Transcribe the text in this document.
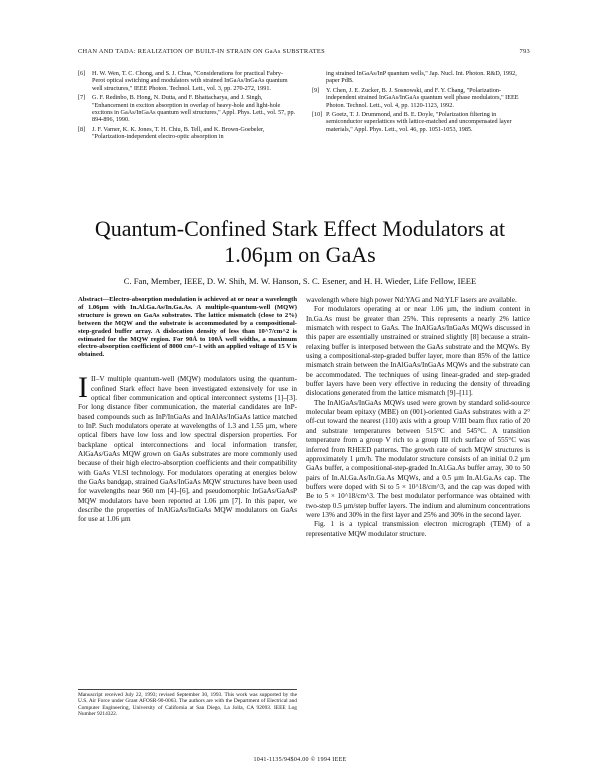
CHAN AND TADA: REALIZATION OF BUILT-IN STRAIN ON GaAs SUBSTRATES	793
[6] H. W. Wen, T. C. Chong, and S. J. Chua, "Considerations for practical Fabry-Perot optical switching and modulators with strained InGaAs/InGaAs quantum well structures," IEEE Photon. Technol. Lett., vol. 3, pp. 270-272, 1991.
[7] G. F. Redinbo, B. Hong, N. Dutta, and F. Bhattacharya, and J. Singh, "Enhancement in exciton absorption in overlap of heavy-hole and light-hole excitons in GaAs/InGaAs quantum well structures," Appl. Phys. Lett., vol. 57, pp. 894-896, 1990.
[8] J. F. Varner, K. K. Jones, T. H. Chiu, B. Tell, and K. Brown-Goebeler, "Polarization-independent electro-optic absorption in
ing strained InGaAs/InP quantum wells," Jap. Nucl. Int. Photon. R&D, 1992, paper PdB.
[9] Y. Chen, J. E. Zucker, B. J. Sosnowski, and F. Y. Chang, "Polarization-independent strained InGaAs/InGaAs quantum well phase modulators," IEEE Photon. Technol. Lett., vol. 4, pp. 1120-1123, 1992.
[10] P. Goetz, T. J. Drummond, and B. E. Doyle, "Polarization filtering in semiconductor superlattices with lattice-matched and uncompensated layer materials," Appl. Phys. Lett., vol. 46, pp. 1051-1053, 1985.
Quantum-Confined Stark Effect Modulators at 1.06µm on GaAs
C. Fan, Member, IEEE, D. W. Shih, M. W. Hanson, S. C. Esener, and H. H. Wieder, Life Fellow, IEEE

Abstract—Electro-absorption modulation is achieved at or near a wavelength of 1.06µm with In.Al.Ga.As/In.Ga.As. A multiple-quantum-well (MQW) structure is grown on GaAs substrates. The lattice mismatch (close to 2%) between the MQW and the substrate is accommodated by a compositional-step-graded buffer array. A dislocation density of less than 10^7/cm^2 is estimated for the MQW region. For 90Å to 100Å well widths, a maximum electro-absorption coefficient of 8000 cm^-1 with an applied voltage of 15 V is obtained.

III–V multiple quantum-well (MQW) modulators using the quantum-confined Stark effect have been investigated extensively for use in optical fiber communication and optical interconnect systems [1]–[3]. For long distance fiber communication, the material candidates are InP-based compounds such as InP/InGaAs and InAlAs/InGaAs lattice matched to InP. Such modulators operate at wavelengths of 1.3 and 1.55 µm, where optical fibers have low loss and low spectral dispersion properties. For backplane optical interconnections and local information transfer, AlGaAs/GaAs MQW grown on GaAs substrates are more commonly used because of their high electro-absorption coefficients and their compatibility with GaAs VLSI technology. For modulators operating at energies below the GaAs bandgap, strained GaAs/InGaAs MQW structures have been used for wavelengths near 960 nm [4]–[6], and pseudomorphic InGaAs/GaAsP MQW modulators have been reported at 1.06 µm [7]. In this paper, we describe the properties of InAlGaAs/InGaAs MQW modulators on GaAs for use at 1.06 µm

wavelength where high power Nd:YAG and Nd:YLF lasers are available.

For modulators operating at or near 1.06 µm, the indium content in In.Ga.As must be greater than 25%. This represents a nearly 2% lattice mismatch with respect to GaAs. The InAlGaAs/InGaAs MQWs discussed in this paper are essentially unstrained or strained slightly [8] because a strain-relaxing buffer is interposed between the GaAs substrate and the MQWs. By using a compositional-step-graded buffer layer, more than 85% of the lattice mismatch strain between the InAlGaAs/InGaAs MQWs and the substrate can be accommodated. The techniques of using linear-graded and step-graded buffer layers have been very effective in reducing the density of threading dislocations generated from the lattice mismatch [9]–[11].

The InAlGaAs/InGaAs MQWs used were grown by standard solid-source molecular beam epitaxy (MBE) on (001)-oriented GaAs substrates with a 2° off-cut toward the nearest (110) axis with a group V/III beam flux ratio of 20 and substrate temperatures between 515°C and 545°C. A transition temperature from a group V rich to a group III rich surface of 555°C was inferred from RHEED patterns. The growth rate of such MQW structures is approximately 1 µm/h. The modulator structure consists of an initial 0.2 µm GaAs buffer, a compositional-step-graded In.Al.Ga.As buffer array, 30 to 50 pairs of In.Al.Ga.As/In.Ga.As MQWs, and a 0.5 µm In.Al.Ga.As cap. The buffers were doped with Si to 5 × 10^18/cm^3, and the cap was doped with Be to 5 × 10^18/cm^3. The best modulator performance was obtained with two-step 0.5 µm/step buffer layers. The indium and aluminum concentrations were 13% and 30% in the first layer and 25% and 30% in the second layer.

Fig. 1 is a typical transmission electron micrograph (TEM) of a representative MQW modulator structure.

Manuscript received July 22, 1993; revised September 30, 1993. This work was supported by the U.S. Air Force under Grant AFOSR-90-0063. The authors are with the Department of Electrical and Computer Engineering, University of California at San Diego, La Jolla, CA 92093. IEEE Log Number 9214322.
1041-1135/94$04.00 © 1994 IEEE
